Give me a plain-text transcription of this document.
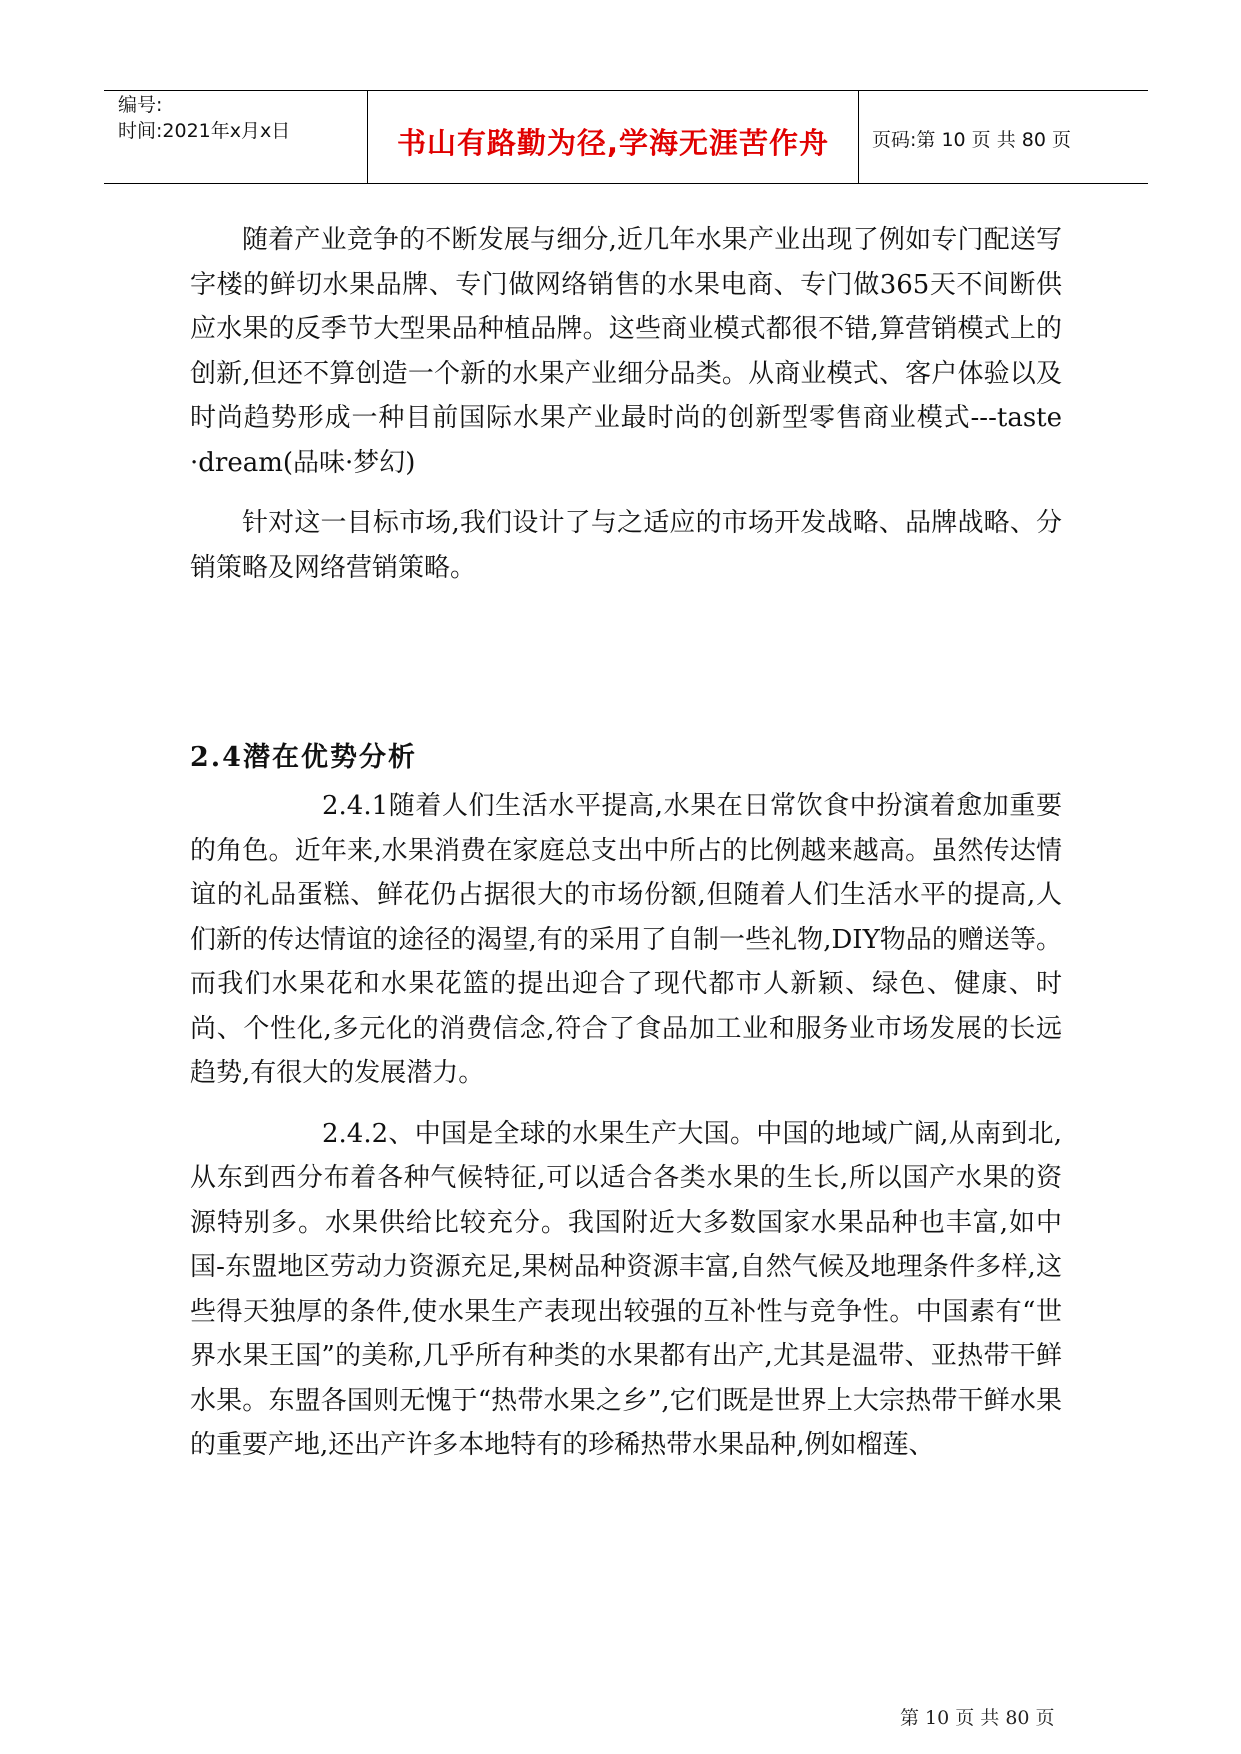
编号:
时间:2021年x月x日	书山有路勤为径,学海无涯苦作舟	页码:第 10 页 共 80 页

随着产业竞争的不断发展与细分,近几年水果产业出现了例如专门配送写字楼的鲜切水果品牌、专门做网络销售的水果电商、专门做365天不间断供应水果的反季节大型果品种植品牌。这些商业模式都很不错,算营销模式上的创新,但还不算创造一个新的水果产业细分品类。从商业模式、客户体验以及时尚趋势形成一种目前国际水果产业最时尚的创新型零售商业模式---taste ·dream(品味·梦幻)

针对这一目标市场,我们设计了与之适应的市场开发战略、品牌战略、分销策略及网络营销策略。

2.4潜在优势分析

2.4.1随着人们生活水平提高,水果在日常饮食中扮演着愈加重要的角色。近年来,水果消费在家庭总支出中所占的比例越来越高。虽然传达情谊的礼品蛋糕、鲜花仍占据很大的市场份额,但随着人们生活水平的提高,人们新的传达情谊的途径的渴望,有的采用了自制一些礼物,DIY物品的赠送等。而我们水果花和水果花篮的提出迎合了现代都市人新颖、绿色、健康、时尚、个性化,多元化的消费信念,符合了食品加工业和服务业市场发展的长远趋势,有很大的发展潜力。

2.4.2、中国是全球的水果生产大国。中国的地域广阔,从南到北,从东到西分布着各种气候特征,可以适合各类水果的生长,所以国产水果的资源特别多。水果供给比较充分。我国附近大多数国家水果品种也丰富,如中国-东盟地区劳动力资源充足,果树品种资源丰富,自然气候及地理条件多样,这些得天独厚的条件,使水果生产表现出较强的互补性与竞争性。中国素有“世界水果王国”的美称,几乎所有种类的水果都有出产,尤其是温带、亚热带干鲜水果。东盟各国则无愧于“热带水果之乡”,它们既是世界上大宗热带干鲜水果的重要产地,还出产许多本地特有的珍稀热带水果品种,例如榴莲、

第 10 页 共 80 页
